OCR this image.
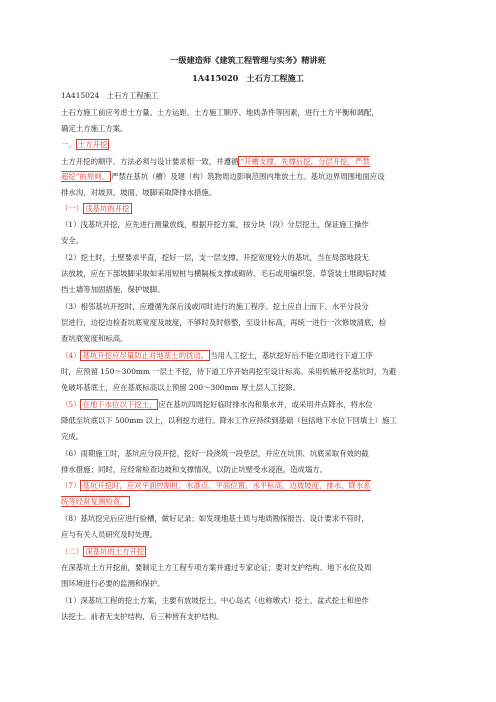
一级建造师《建筑工程管理与实务》精讲班
1A415020　土石方工程施工
1A415024　土石方工程施工
土石方施工前应考虑土方量、土方运距、土方施工顺序、地质条件等因素，进行土方平衡和调配，
确定土方施工方案。
一、 土方开挖
土方开挖的顺序、方法必须与设计要求相一致，并遵循 “开槽支撑，先撑后挖，分层开挖，严禁
超挖”的原则。 严禁在基坑（槽）及建（构）筑物周边影响范围内堆放土方。基坑边界周围地面应设
排水沟，对坡顶、坡面、坡脚采取降排水措施。
（一） 浅基坑的开挖
（1）浅基坑开挖，应先进行测量放线，根据开挖方案，按分块（段）分层挖土，保证施工操作
安全。
（2）挖土时，土壁要求平直，挖好一层，支一层支撑。开挖宽度较大的基坑，当在局部地段无
法放坡，应在下部坡脚采取如采用短桩与横隔板支撑或砌砖、毛石或用编织袋、草袋装土堆砌临时矮
挡土墙等加固措施，保护坡脚。
（3）相邻基坑开挖时，应遵循先深后浅或同时进行的施工程序。挖土应自上而下、水平分段分
层进行，边挖边检查坑底宽度及坡度，不够时及时修整，至设计标高，再统一进行一次修坡清底，检
查坑底宽度和标高。
（4） 基坑开挖应尽量防止对地基土的扰动。 当用人工挖土，基坑挖好后不能立即进行下道工序
时，应预留 150～300mm 一层土不挖，待下道工序开始再挖至设计标高。采用机械开挖基坑时，为避
免破坏基底土，应在基底标高以上预留 200～300mm 厚土层人工挖除。
（5） 在地下水位以下挖土， 应在基坑四周挖好临时排水沟和集水井，或采用井点降水，将水位
降低至坑底以下 500mm 以上，以利挖方进行。降水工作应持续到基础（包括地下水位下回填土）施工
完成。
（6）雨期施工时，基坑应分段开挖，挖好一段浇筑一段垫层，并应在坑顶、坑底采取有效的截
排水措施；同时，应经常检查边坡和支撑情况，以防止坑壁受水浸泡，造成塌方。
（7） 基坑开挖时，应对平面控制桩、水准点、平面位置、水平标高、边坡坡度、排水、降水系
统等经常复测检查。
（8）基坑挖完后应进行验槽，做好记录；如发现地基土质与地质勘探报告、设计要求不符时，
应与有关人员研究及时处理。
（二） 深基坑的土方开挖
在深基坑土方开挖前，要制定土方工程专项方案并通过专家论证；要对支护结构、地下水位及周
围环境进行必要的监测和保护。
（1）深基坑工程的挖土方案，主要有放坡挖土、中心岛式（也称墩式）挖土、盆式挖土和逆作
法挖土。前者无支护结构，后三种皆有支护结构。
